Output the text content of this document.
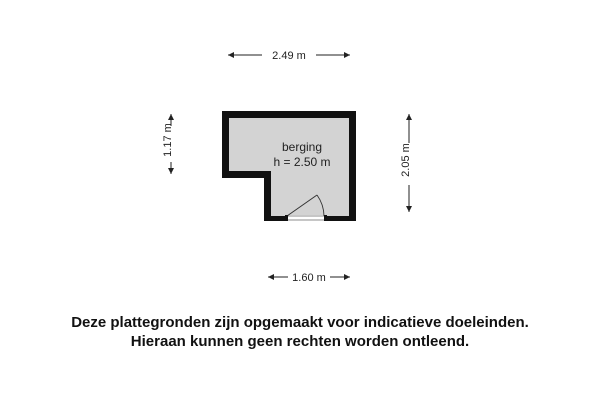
2.49 m
1.60 m
1.17 m
2.05 m
berging
h = 2.50 m
Deze plattegronden zijn opgemaakt voor indicatieve doeleinden.
Hieraan kunnen geen rechten worden ontleend.
